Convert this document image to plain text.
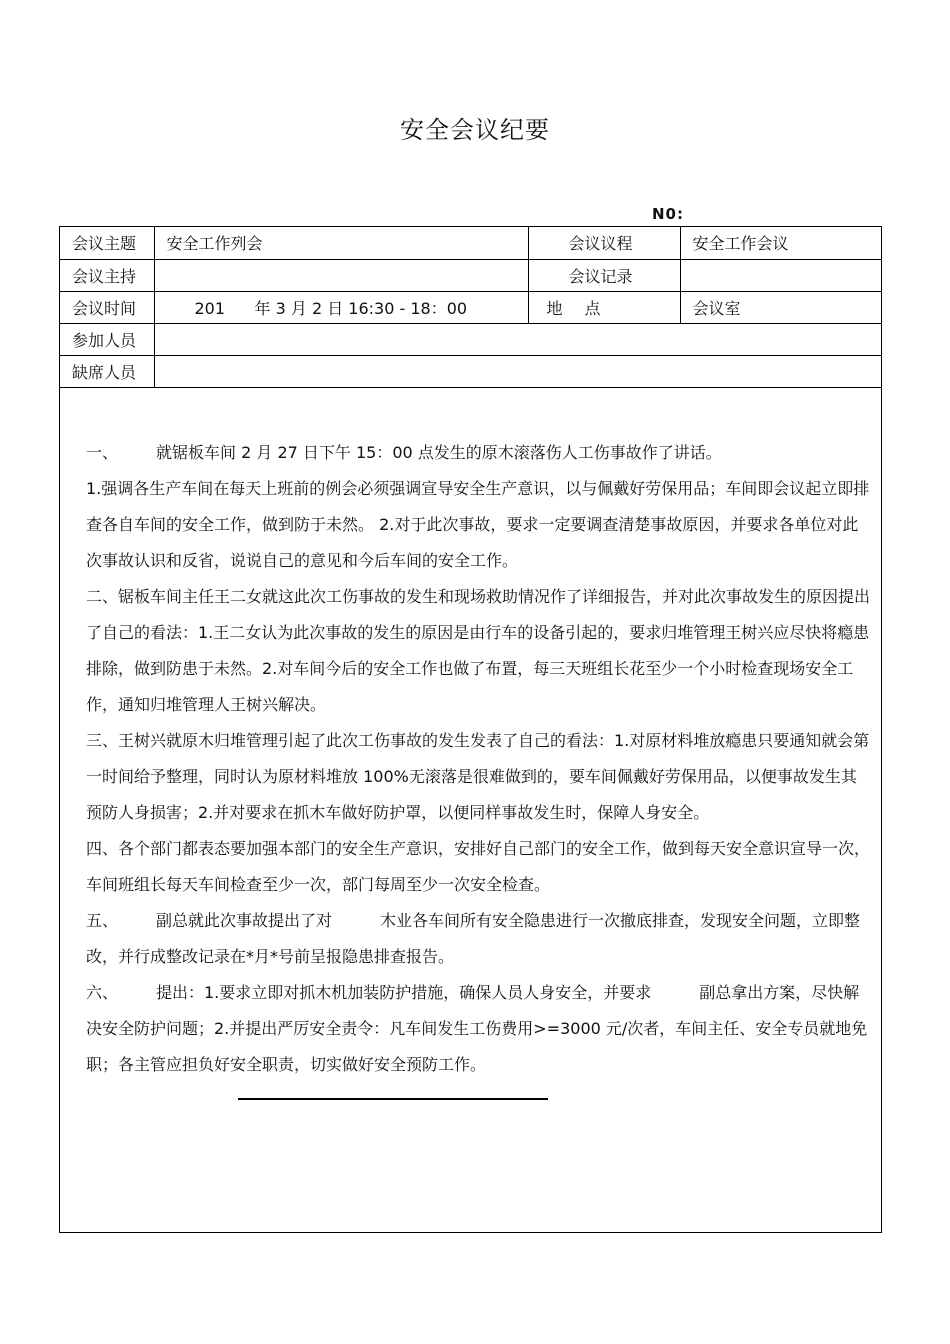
安全会议纪要
N0:
会议主题	安全工作列会	会议议程	安全工作会议
会议主持		会议记录	
会议时间	201 年 3 月 2 日 16:30 - 18：00	地 点	会议室
参加人员			
缺席人员			

一、 就锯板车间 2 月 27 日下午 15：00 点发生的原木滚落伤人工伤事故作了讲话。

1.强调各生产车间在每天上班前的例会必须强调宣导安全生产意识，以与佩戴好劳保用品；车间即会议起立即排查各自车间的安全工作，做到防于未然。 2.对于此次事故，要求一定要调查清楚事故原因，并要求各单位对此次事故认识和反省，说说自己的意见和今后车间的安全工作。

二、锯板车间主任王二女就这此次工伤事故的发生和现场救助情况作了详细报告，并对此次事故发生的原因提出了自己的看法：1.王二女认为此次事故的发生的原因是由行车的设备引起的，要求归堆管理王树兴应尽快将瘾患排除，做到防患于未然。2.对车间今后的安全工作也做了布置，每三天班组长花至少一个小时检查现场安全工作，通知归堆管理人王树兴解决。

三、王树兴就原木归堆管理引起了此次工伤事故的发生发表了自己的看法：1.对原材料堆放瘾患只要通知就会第一时间给予整理，同时认为原材料堆放 100%无滚落是很难做到的，要车间佩戴好劳保用品，以便事故发生其预防人身损害；2.并对要求在抓木车做好防护罩，以便同样事故发生时，保障人身安全。

四、各个部门都表态要加强本部门的安全生产意识，安排好自己部门的安全工作，做到每天安全意识宣导一次，车间班组长每天车间检查至少一次，部门每周至少一次安全检查。

五、 副总就此次事故提出了对	木业各车间所有安全隐患进行一次撤底排查，发现安全问题，立即整改，并行成整改记录在*月*号前呈报隐患排查报告。

六、 提出：1.要求立即对抓木机加装防护措施，确保人员人身安全，并要求	副总拿出方案，尽快解决安全防护问题；2.并提出严厉安全责令：凡车间发生工伤费用>=3000 元/次者，车间主任、安全专员就地免职；各主管应担负好安全职责，切实做好安全预防工作。
